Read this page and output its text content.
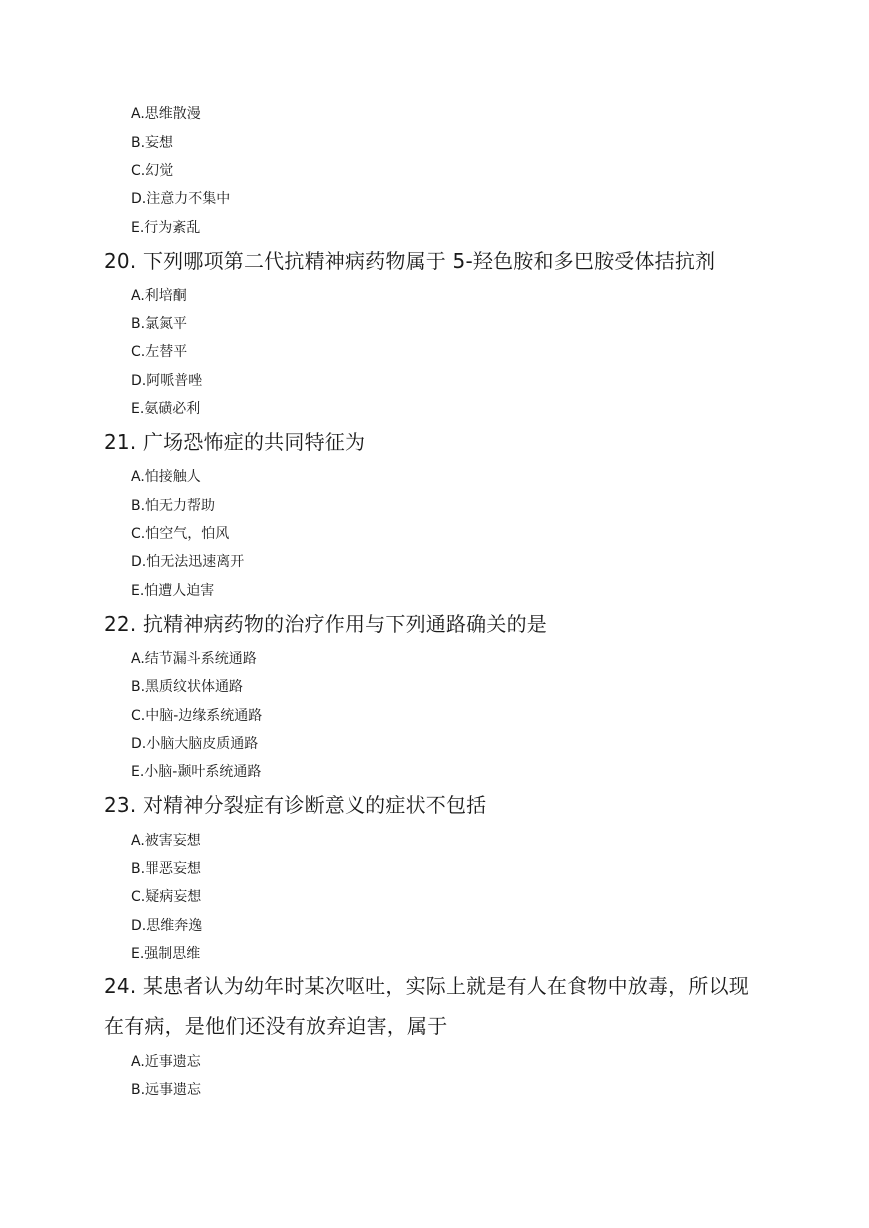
A.思维散漫
B.妄想
C.幻觉
D.注意力不集中
E.行为紊乱
20. 下列哪项第二代抗精神病药物属于 5-羟色胺和多巴胺受体拮抗剂
A.利培酮
B.氯氮平
C.左替平
D.阿哌普唑
E.氨磺必利
21. 广场恐怖症的共同特征为
A.怕接触人
B.怕无力帮助
C.怕空气，怕风
D.怕无法迅速离开
E.怕遭人迫害
22. 抗精神病药物的治疗作用与下列通路确关的是
A.结节漏斗系统通路
B.黑质纹状体通路
C.中脑-边缘系统通路
D.小脑大脑皮质通路
E.小脑-颞叶系统通路
23. 对精神分裂症有诊断意义的症状不包括
A.被害妄想
B.罪恶妄想
C.疑病妄想
D.思维奔逸
E.强制思维
24. 某患者认为幼年时某次呕吐，实际上就是有人在食物中放毒，所以现
在有病，是他们还没有放弃迫害，属于
A.近事遗忘
B.远事遗忘
